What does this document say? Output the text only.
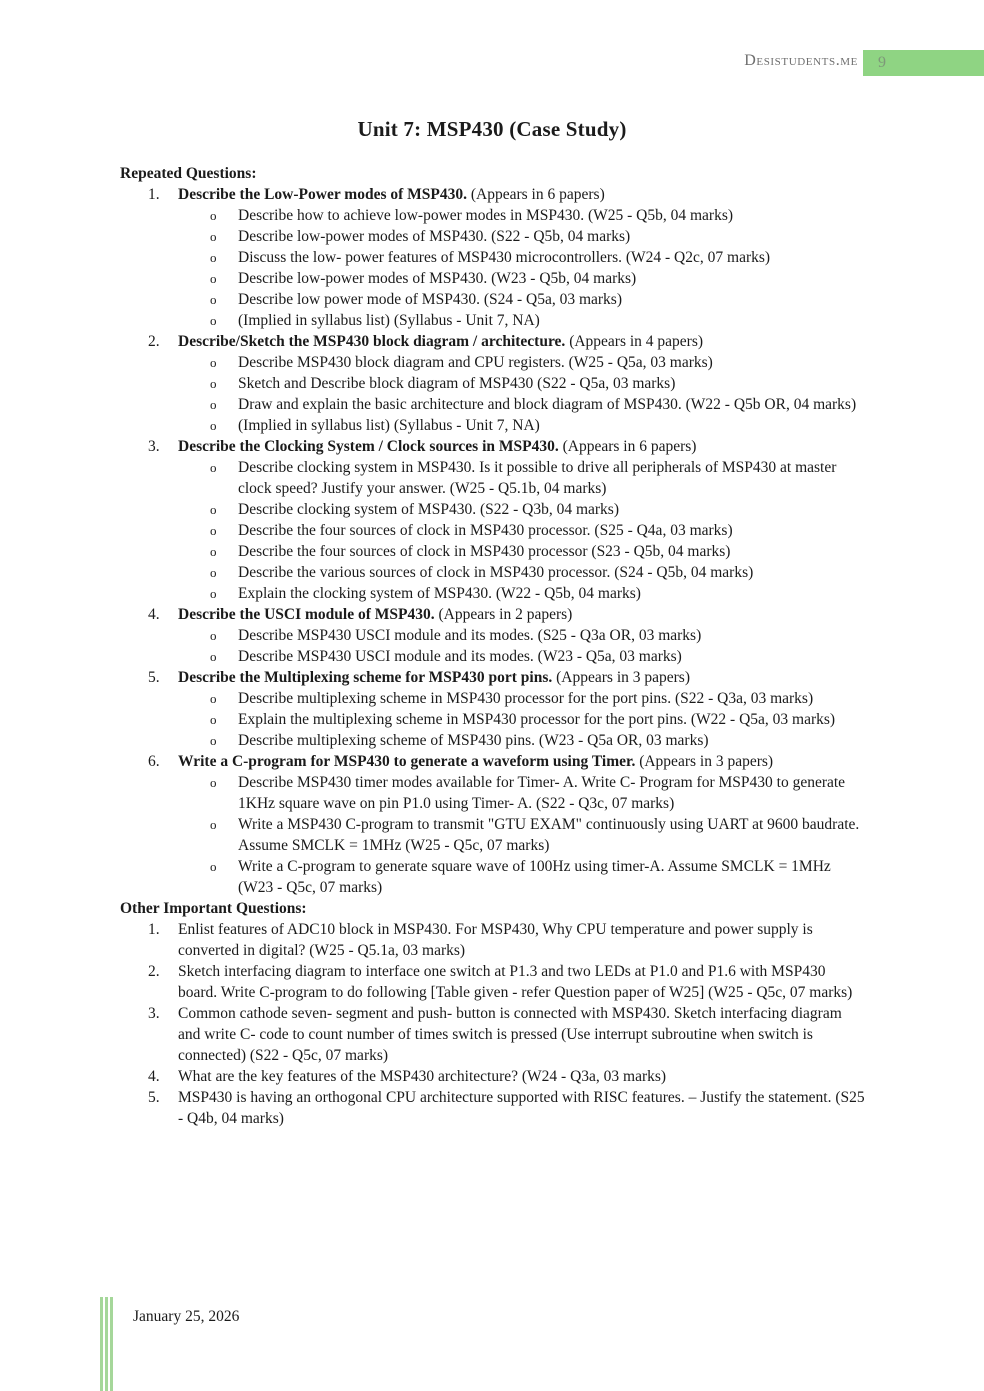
Desistudents.me	9
Unit 7: MSP430 (Case Study)
Repeated Questions:
1.	Describe the Low-Power modes of MSP430. (Appears in 6 papers)
o	Describe how to achieve low-power modes in MSP430. (W25 - Q5b, 04 marks)
o	Describe low-power modes of MSP430. (S22 - Q5b, 04 marks)
o	Discuss the low- power features of MSP430 microcontrollers. (W24 - Q2c, 07 marks)
o	Describe low-power modes of MSP430. (W23 - Q5b, 04 marks)
o	Describe low power mode of MSP430. (S24 - Q5a, 03 marks)
o	(Implied in syllabus list) (Syllabus - Unit 7, NA)
2.	Describe/Sketch the MSP430 block diagram / architecture. (Appears in 4 papers)
o	Describe MSP430 block diagram and CPU registers. (W25 - Q5a, 03 marks)
o	Sketch and Describe block diagram of MSP430 (S22 - Q5a, 03 marks)
o	Draw and explain the basic architecture and block diagram of MSP430. (W22 - Q5b OR, 04 marks)
o	(Implied in syllabus list) (Syllabus - Unit 7, NA)
3.	Describe the Clocking System / Clock sources in MSP430. (Appears in 6 papers)
o	Describe clocking system in MSP430. Is it possible to drive all peripherals of MSP430 at master clock speed? Justify your answer. (W25 - Q5.1b, 04 marks)
o	Describe clocking system of MSP430. (S22 - Q3b, 04 marks)
o	Describe the four sources of clock in MSP430 processor. (S25 - Q4a, 03 marks)
o	Describe the four sources of clock in MSP430 processor (S23 - Q5b, 04 marks)
o	Describe the various sources of clock in MSP430 processor. (S24 - Q5b, 04 marks)
o	Explain the clocking system of MSP430. (W22 - Q5b, 04 marks)
4.	Describe the USCI module of MSP430. (Appears in 2 papers)
o	Describe MSP430 USCI module and its modes. (S25 - Q3a OR, 03 marks)
o	Describe MSP430 USCI module and its modes. (W23 - Q5a, 03 marks)
5.	Describe the Multiplexing scheme for MSP430 port pins. (Appears in 3 papers)
o	Describe multiplexing scheme in MSP430 processor for the port pins. (S22 - Q3a, 03 marks)
o	Explain the multiplexing scheme in MSP430 processor for the port pins. (W22 - Q5a, 03 marks)
o	Describe multiplexing scheme of MSP430 pins. (W23 - Q5a OR, 03 marks)
6.	Write a C-program for MSP430 to generate a waveform using Timer. (Appears in 3 papers)
o	Describe MSP430 timer modes available for Timer- A. Write C- Program for MSP430 to generate 1KHz square wave on pin P1.0 using Timer- A. (S22 - Q3c, 07 marks)
o	Write a MSP430 C-program to transmit "GTU EXAM" continuously using UART at 9600 baudrate. Assume SMCLK = 1MHz (W25 - Q5c, 07 marks)
o	Write a C-program to generate square wave of 100Hz using timer-A. Assume SMCLK = 1MHz (W23 - Q5c, 07 marks)
Other Important Questions:
1.	Enlist features of ADC10 block in MSP430. For MSP430, Why CPU temperature and power supply is converted in digital? (W25 - Q5.1a, 03 marks)
2.	Sketch interfacing diagram to interface one switch at P1.3 and two LEDs at P1.0 and P1.6 with MSP430 board. Write C-program to do following [Table given - refer Question paper of W25] (W25 - Q5c, 07 marks)
3.	Common cathode seven- segment and push- button is connected with MSP430. Sketch interfacing diagram and write C- code to count number of times switch is pressed (Use interrupt subroutine when switch is connected) (S22 - Q5c, 07 marks)
4.	What are the key features of the MSP430 architecture? (W24 - Q3a, 03 marks)
5.	MSP430 is having an orthogonal CPU architecture supported with RISC features. – Justify the statement. (S25 - Q4b, 04 marks)
January 25, 2026
